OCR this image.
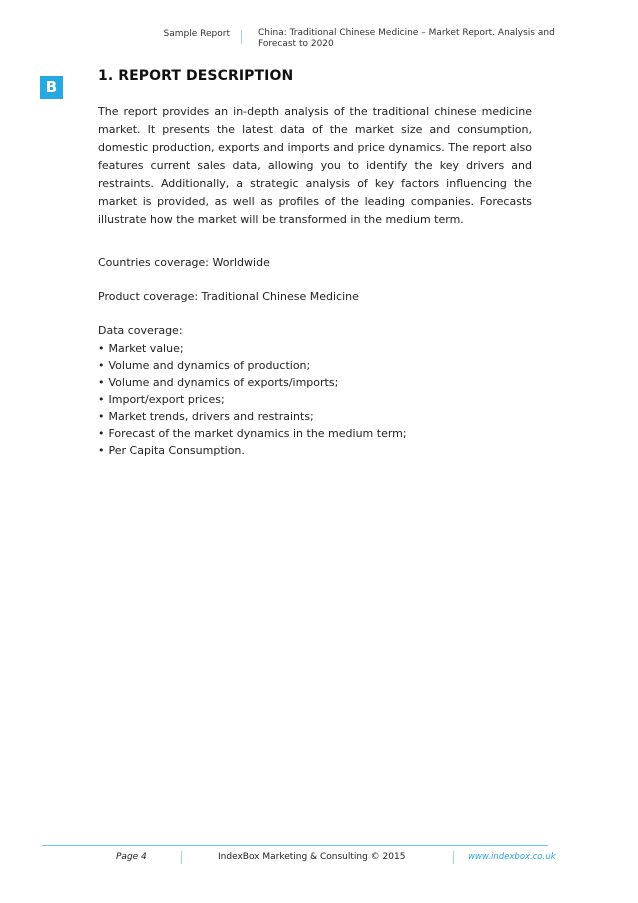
Sample Report	China: Traditional Chinese Medicine – Market Report. Analysis and
Forecast to 2020
B
1. REPORT DESCRIPTION

The report provides an in-depth analysis of the traditional chinese medicine market. It presents the latest data of the market size and consumption, domestic production, exports and imports and price dynamics. The report also features current sales data, allowing you to identify the key drivers and restraints. Additionally, a strategic analysis of key factors influencing the market is provided, as well as profiles of the leading companies. Forecasts illustrate how the market will be transformed in the medium term.

Countries coverage: Worldwide

Product coverage: Traditional Chinese Medicine

Data coverage:

• Market value;
• Volume and dynamics of production;
• Volume and dynamics of exports/imports;
• Import/export prices;
• Market trends, drivers and restraints;
• Forecast of the market dynamics in the medium term;
• Per Capita Consumption.
Page 4	IndexBox Marketing & Consulting © 2015	www.indexbox.co.uk
